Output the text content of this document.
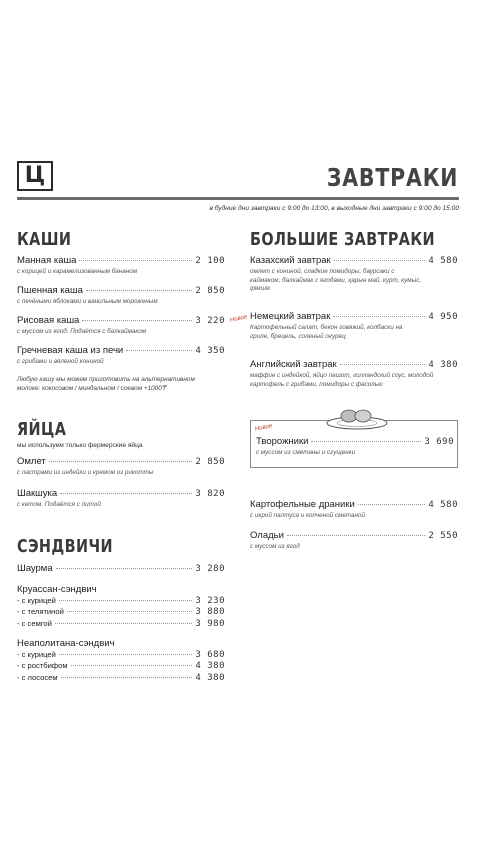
Ц	ЗАВТРАКИ
в будние дни завтраки с 9:00 до 13:00, в выходные дни завтраки с 9:00 до 15:00
КАШИ
Манная каша	2 100
с корицей и карамелизованным бананом
Пшенная каша	2 850
с печёными яблоками и ванильным мороженым
Рисовая каша	3 220
с муссом из ягод. Подаётся с балкаймаком
Гречневая каша из печи	4 350
с грибами и вяленой кониной
Любую кашу мы можем приготовить на альтернативном молоке: кокосовом / миндальном / соевом +1000₸
ЯЙЦА
мы используем только фермерские яйца
Омлет	2 850
с пастрами из индейки и кремом из рикотты
Шакшука	3 820
с кетом. Подаётся с питой
СЭНДВИЧИ
Шаурма	3 280
Круассан-сэндвич
- с курицей	3 230
- с телятиной	3 880
- с семгой	3 980
Неаполитана-сэндвич
- с курицей	3 680
- с ростбифом	4 380
- с лососем	4 380
БОЛЬШИЕ ЗАВТРАКИ
Казахский завтрак	4 580
омлет с кониной, сладкие помидоры, баурсаки с каймаком, балкаймак с ягодами, қарын май, курт, кумыс, ірімшік
Новое Немецкий завтрак	4 950
Картофельный салат, бекон говяжий, колбаски на гриле, брецель, соленый огурец
Английский завтрак	4 380
маффин с индейкой, яйцо пашот, голландский соус, молодой картофель с грибами, помидоры с фасолью
Новое
Творожники	3 690
с муссом из сметаны и сгущенки
Картофельные драники	4 580
с икрой палтуса и копченой сметаной
Оладьи	2 550
с муссом из ягод
